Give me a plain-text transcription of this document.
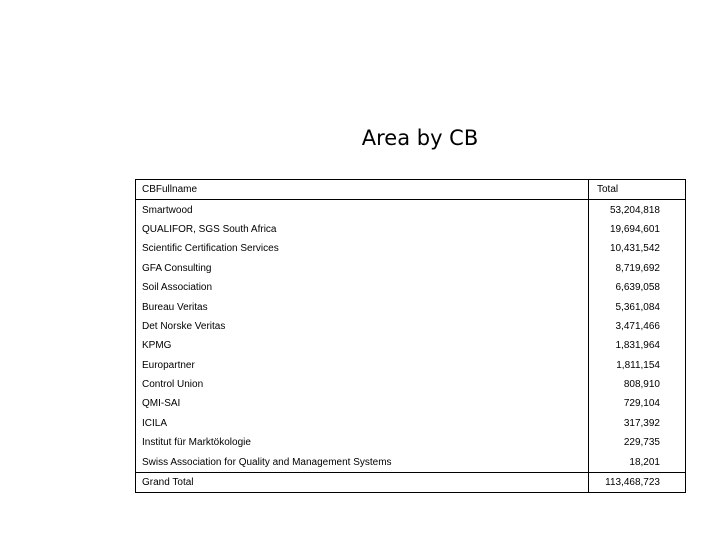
Area by CB
CBFullname	Total
Smartwood	53,204,818
QUALIFOR, SGS South Africa	19,694,601
Scientific Certification Services	10,431,542
GFA Consulting	8,719,692
Soil Association	6,639,058
Bureau Veritas	5,361,084
Det Norske Veritas	3,471,466
KPMG	1,831,964
Europartner	1,811,154
Control Union	808,910
QMI-SAI	729,104
ICILA	317,392
Institut für Marktökologie	229,735
Swiss Association for Quality and Management Systems	18,201
Grand Total	113,468,723
